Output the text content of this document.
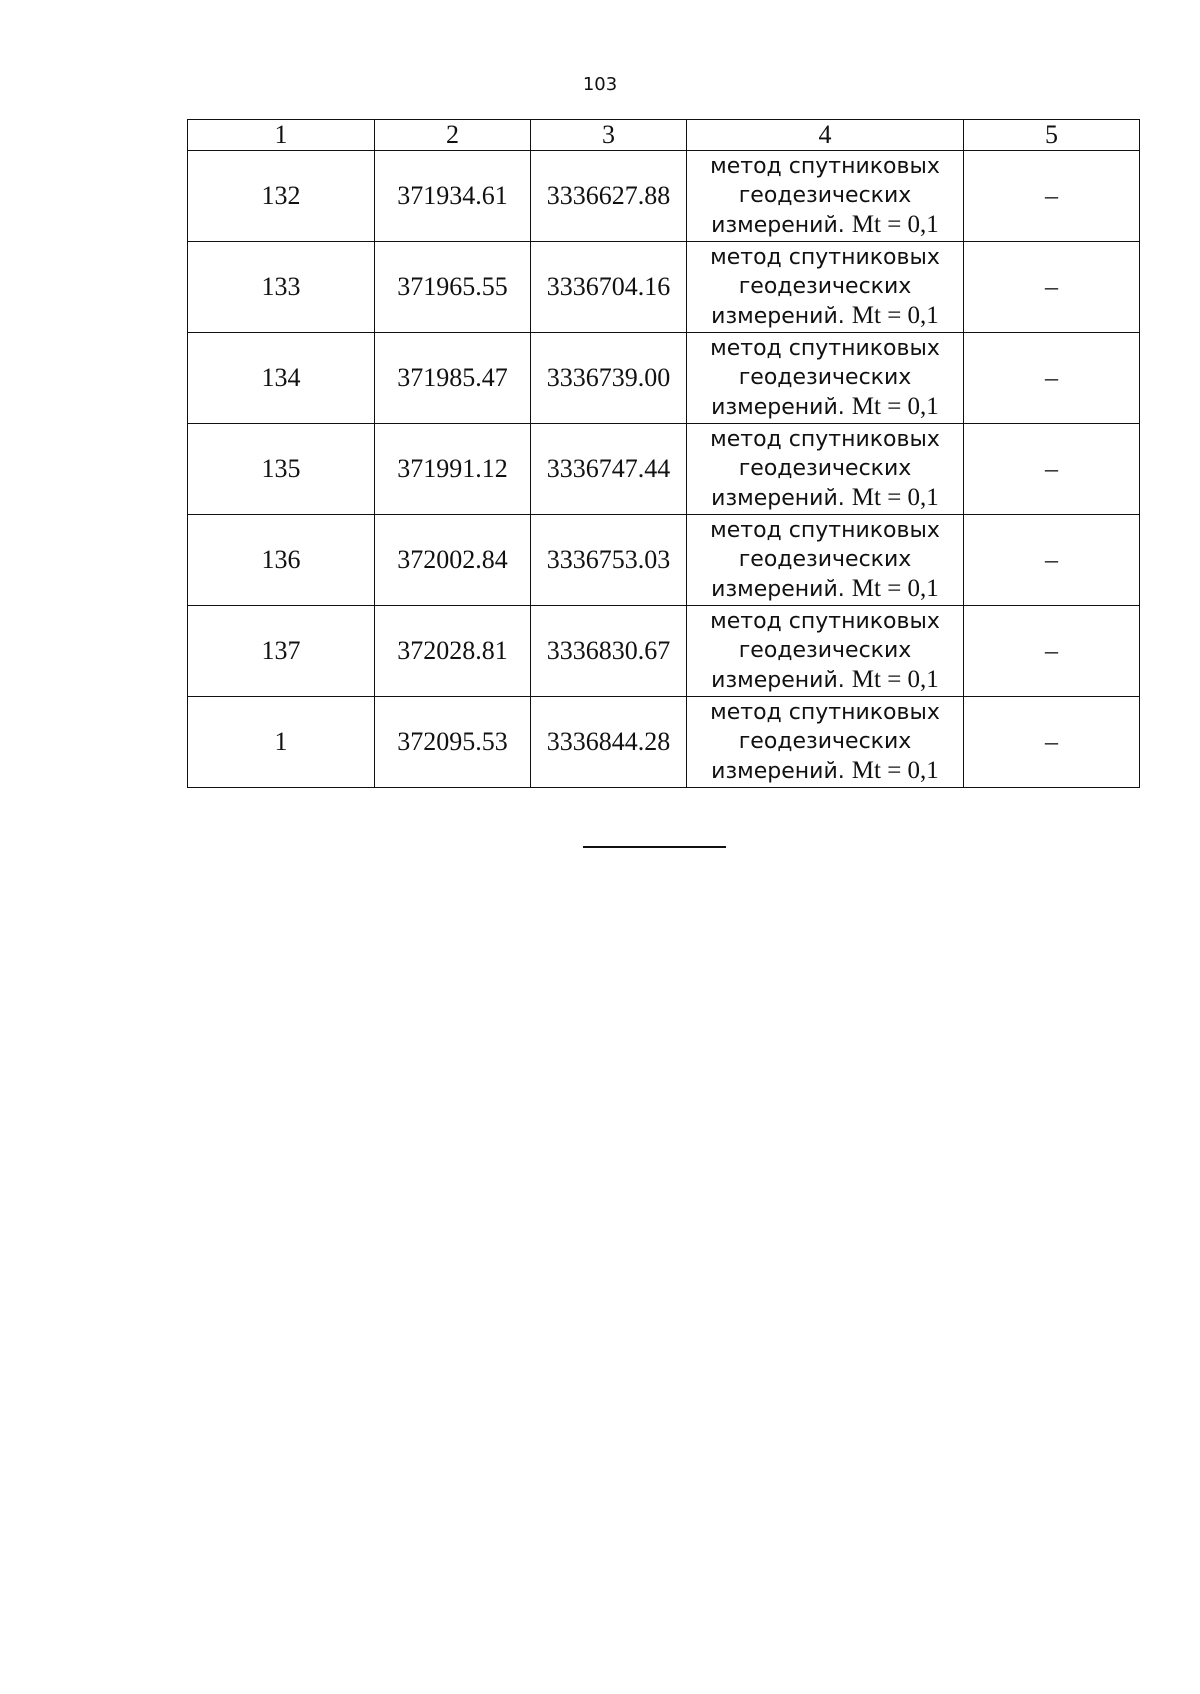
103
1	2	3	4	5
132	371934.61	3336627.88	метод спутниковых
геодезических
измерений. Mt = 0,1	–
133	371965.55	3336704.16	метод спутниковых
геодезических
измерений. Mt = 0,1	–
134	371985.47	3336739.00	метод спутниковых
геодезических
измерений. Mt = 0,1	–
135	371991.12	3336747.44	метод спутниковых
геодезических
измерений. Mt = 0,1	–
136	372002.84	3336753.03	метод спутниковых
геодезических
измерений. Mt = 0,1	–
137	372028.81	3336830.67	метод спутниковых
геодезических
измерений. Mt = 0,1	–
1	372095.53	3336844.28	метод спутниковых
геодезических
измерений. Mt = 0,1	–
